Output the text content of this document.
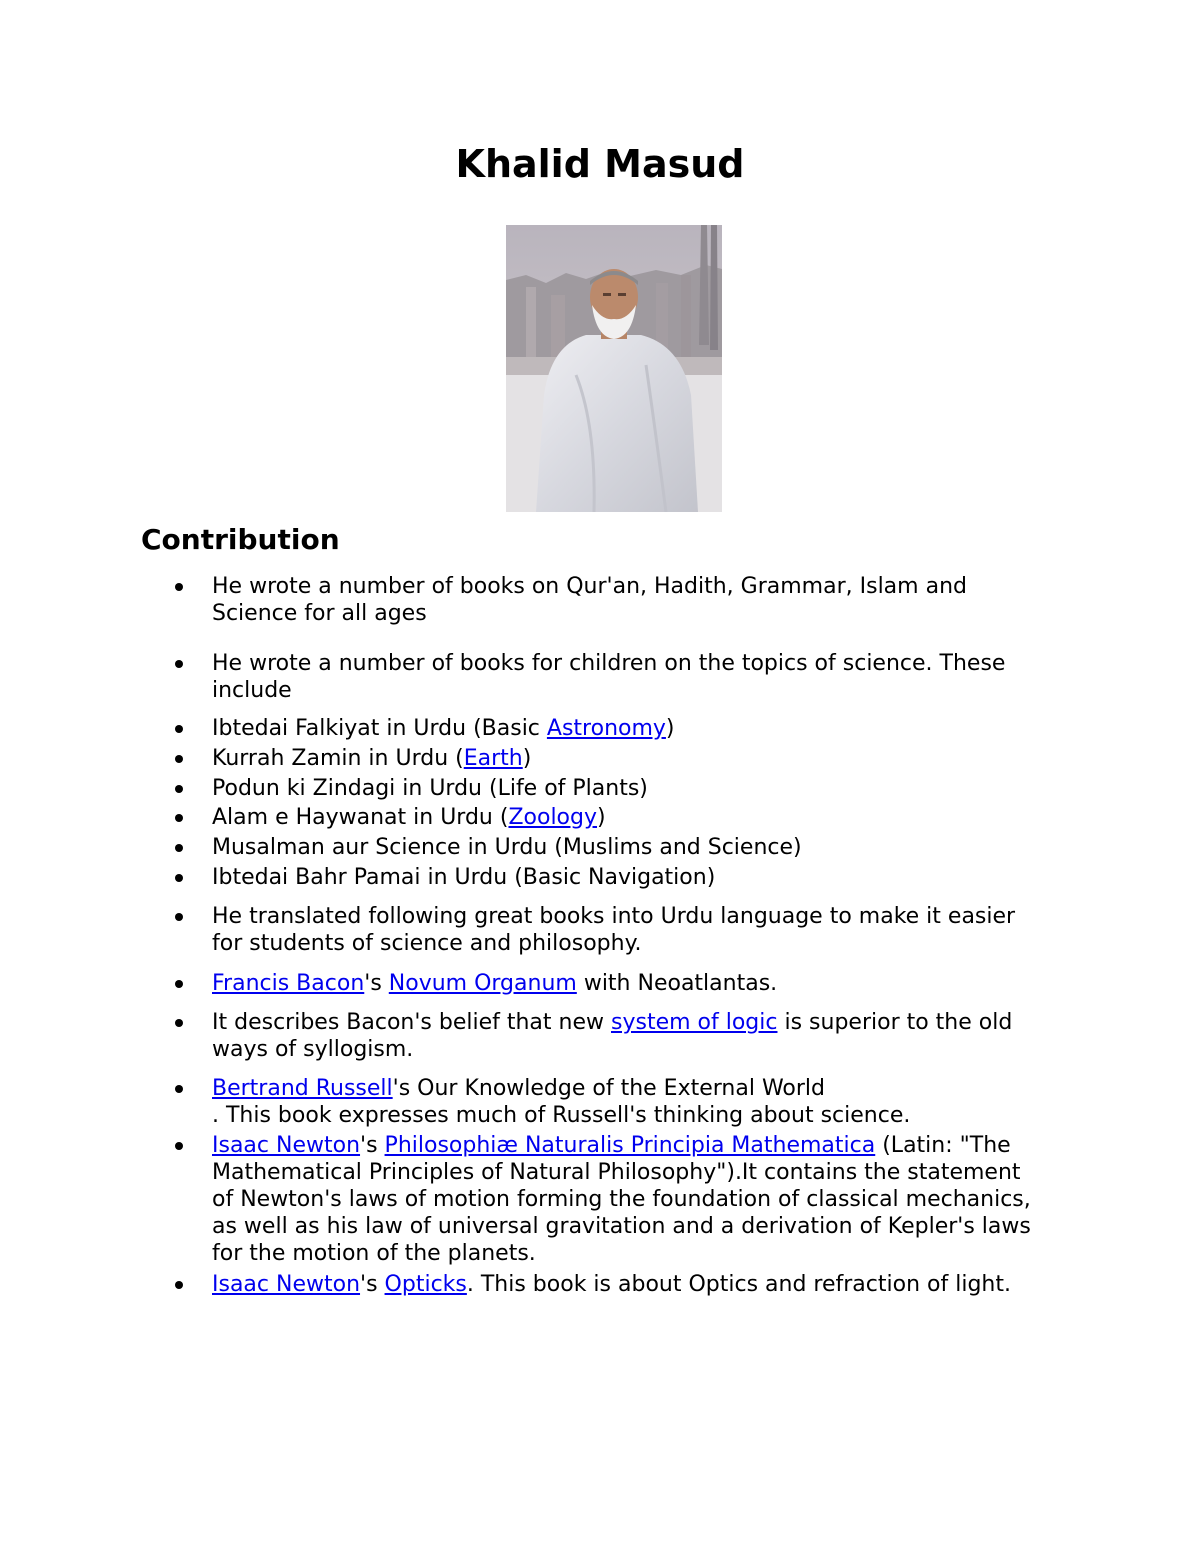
Khalid Masud
Contribution
He wrote a number of books on Qur'an, Hadith, Grammar, Islam and Science for all ages
He wrote a number of books for children on the topics of science. These include
Ibtedai Falkiyat in Urdu (Basic Astronomy)
Kurrah Zamin in Urdu (Earth)
Podun ki Zindagi in Urdu (Life of Plants)
Alam e Haywanat in Urdu (Zoology)
Musalman aur Science in Urdu (Muslims and Science)
Ibtedai Bahr Pamai in Urdu (Basic Navigation)
He translated following great books into Urdu language to make it easier for students of science and philosophy.
Francis Bacon's Novum Organum with Neoatlantas.
It describes Bacon's belief that new system of logic is superior to the old ways of syllogism.
Bertrand Russell's Our Knowledge of the External World
. This book expresses much of Russell's thinking about science.
Isaac Newton's Philosophiæ Naturalis Principia Mathematica (Latin: "The Mathematical Principles of Natural Philosophy").It contains the statement of Newton's laws of motion forming the foundation of classical mechanics, as well as his law of universal gravitation and a derivation of Kepler's laws for the motion of the planets.
Isaac Newton's Opticks. This book is about Optics and refraction of light.
